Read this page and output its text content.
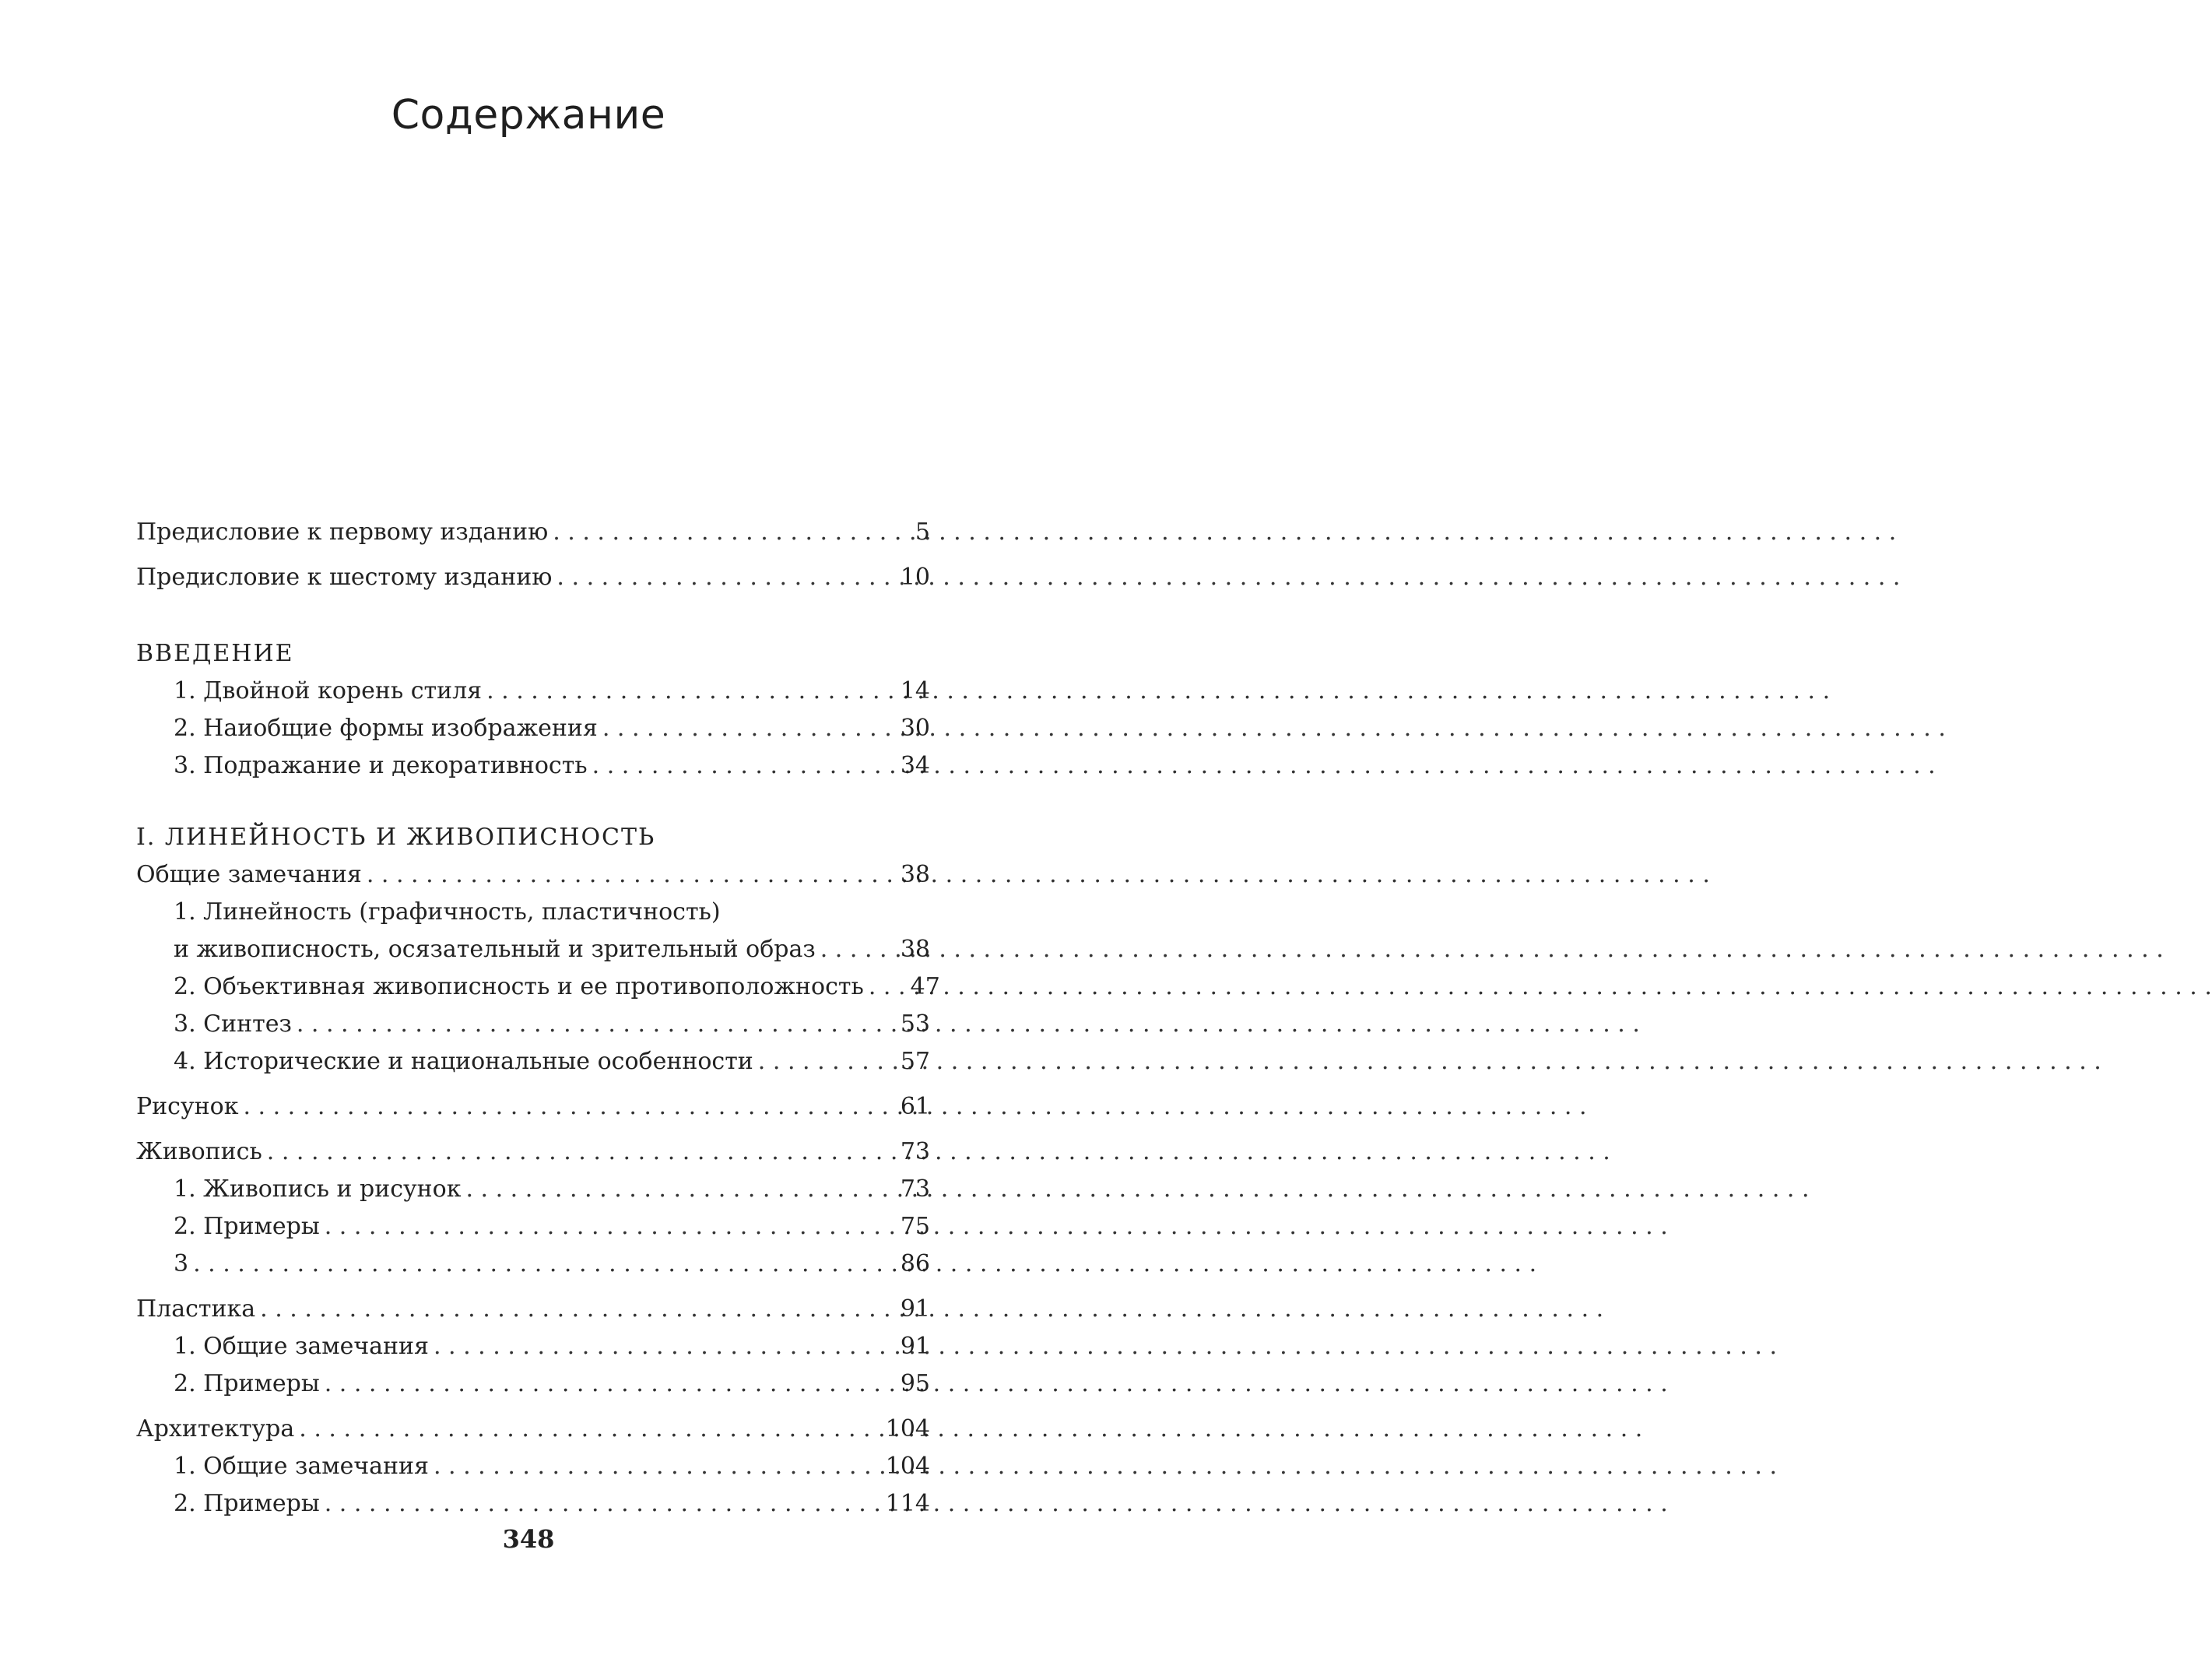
Содержание
Предисловие к первому изданию . . .	5
Предисловие к шестому изданию . . .	10
ВВЕДЕНИЕ
1. Двойной корень стиля . . .	14
2. Наиобщие формы изображения . . .	30
3. Подражание и декоративность . . .	34
I. ЛИНЕЙНОСТЬ И ЖИВОПИСНОСТЬ
Общие замечания . . .	38
1. Линейность (графичность, пластичность)
и живописность, осязательный и зрительный образ . . .	38
2. Объективная живописность и ее противоположность . . .	47
3. Синтез . . .	53
4. Исторические и национальные особенности . . .	57
Рисунок . . .	61
Живопись . . .	73
1. Живопись и рисунок . . .	73
2. Примеры . . .	75
3 . . .	86
Пластика . . .	91
1. Общие замечания . . .	91
2. Примеры . . .	95
Архитектура . . .	104
1. Общие замечания . . .	104
2. Примеры . . .	114
348
